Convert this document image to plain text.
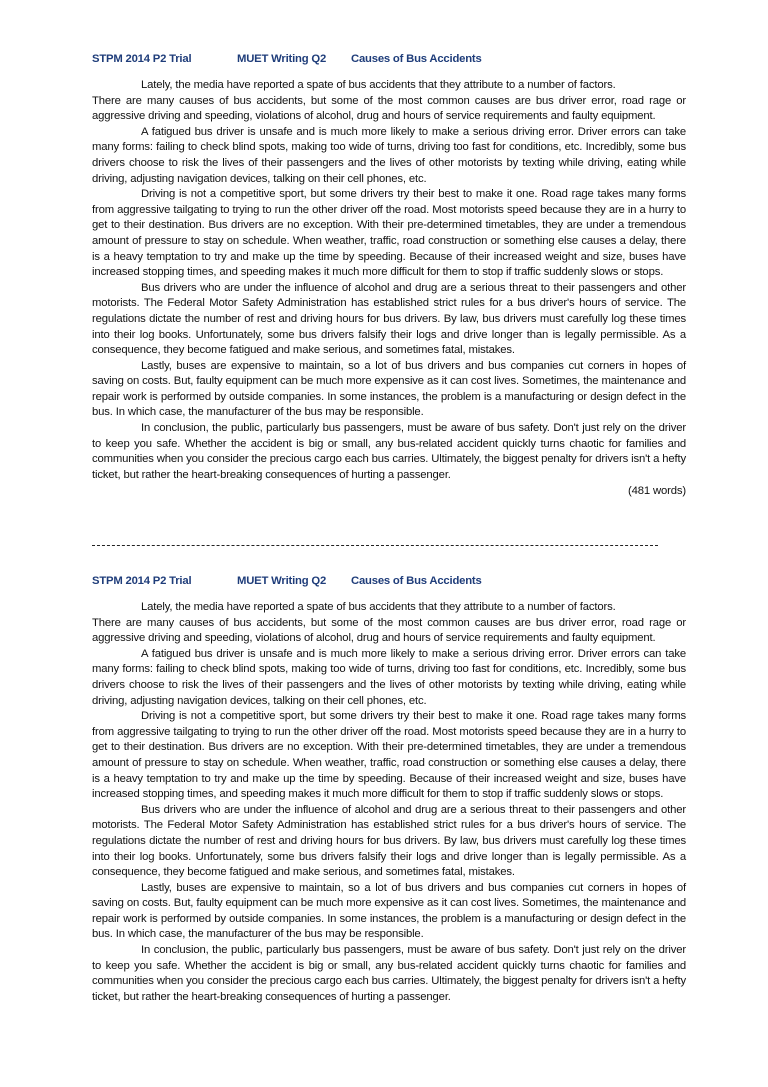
STPM 2014 P2 Trial	MUET Writing Q2 Causes of Bus Accidents

Lately, the media have reported a spate of bus accidents that they attribute to a number of factors.

There are many causes of bus accidents, but some of the most common causes are bus driver error, road rage or aggressive driving and speeding, violations of alcohol, drug and hours of service requirements and faulty equipment.

A fatigued bus driver is unsafe and is much more likely to make a serious driving error. Driver errors can take many forms: failing to check blind spots, making too wide of turns, driving too fast for conditions, etc. Incredibly, some bus drivers choose to risk the lives of their passengers and the lives of other motorists by texting while driving, eating while driving, adjusting navigation devices, talking on their cell phones, etc.

Driving is not a competitive sport, but some drivers try their best to make it one. Road rage takes many forms from aggressive tailgating to trying to run the other driver off the road. Most motorists speed because they are in a hurry to get to their destination. Bus drivers are no exception. With their pre-determined timetables, they are under a tremendous amount of pressure to stay on schedule. When weather, traffic, road construction or something else causes a delay, there is a heavy temptation to try and make up the time by speeding. Because of their increased weight and size, buses have increased stopping times, and speeding makes it much more difficult for them to stop if traffic suddenly slows or stops.

Bus drivers who are under the influence of alcohol and drug are a serious threat to their passengers and other motorists. The Federal Motor Safety Administration has established strict rules for a bus driver's hours of service. The regulations dictate the number of rest and driving hours for bus drivers. By law, bus drivers must carefully log these times into their log books. Unfortunately, some bus drivers falsify their logs and drive longer than is legally permissible. As a consequence, they become fatigued and make serious, and sometimes fatal, mistakes.

Lastly, buses are expensive to maintain, so a lot of bus drivers and bus companies cut corners in hopes of saving on costs. But, faulty equipment can be much more expensive as it can cost lives. Sometimes, the maintenance and repair work is performed by outside companies. In some instances, the problem is a manufacturing or design defect in the bus. In which case, the manufacturer of the bus may be responsible.

In conclusion, the public, particularly bus passengers, must be aware of bus safety. Don't just rely on the driver to keep you safe. Whether the accident is big or small, any bus-related accident quickly turns chaotic for families and communities when you consider the precious cargo each bus carries. Ultimately, the biggest penalty for drivers isn't a hefty ticket, but rather the heart-breaking consequences of hurting a passenger.

(481 words)
STPM 2014 P2 Trial	MUET Writing Q2 Causes of Bus Accidents

Lately, the media have reported a spate of bus accidents that they attribute to a number of factors.

There are many causes of bus accidents, but some of the most common causes are bus driver error, road rage or aggressive driving and speeding, violations of alcohol, drug and hours of service requirements and faulty equipment.

A fatigued bus driver is unsafe and is much more likely to make a serious driving error. Driver errors can take many forms: failing to check blind spots, making too wide of turns, driving too fast for conditions, etc. Incredibly, some bus drivers choose to risk the lives of their passengers and the lives of other motorists by texting while driving, eating while driving, adjusting navigation devices, talking on their cell phones, etc.

Driving is not a competitive sport, but some drivers try their best to make it one. Road rage takes many forms from aggressive tailgating to trying to run the other driver off the road. Most motorists speed because they are in a hurry to get to their destination. Bus drivers are no exception. With their pre-determined timetables, they are under a tremendous amount of pressure to stay on schedule. When weather, traffic, road construction or something else causes a delay, there is a heavy temptation to try and make up the time by speeding. Because of their increased weight and size, buses have increased stopping times, and speeding makes it much more difficult for them to stop if traffic suddenly slows or stops.

Bus drivers who are under the influence of alcohol and drug are a serious threat to their passengers and other motorists. The Federal Motor Safety Administration has established strict rules for a bus driver's hours of service. The regulations dictate the number of rest and driving hours for bus drivers. By law, bus drivers must carefully log these times into their log books. Unfortunately, some bus drivers falsify their logs and drive longer than is legally permissible. As a consequence, they become fatigued and make serious, and sometimes fatal, mistakes.

Lastly, buses are expensive to maintain, so a lot of bus drivers and bus companies cut corners in hopes of saving on costs. But, faulty equipment can be much more expensive as it can cost lives. Sometimes, the maintenance and repair work is performed by outside companies. In some instances, the problem is a manufacturing or design defect in the bus. In which case, the manufacturer of the bus may be responsible.

In conclusion, the public, particularly bus passengers, must be aware of bus safety. Don't just rely on the driver to keep you safe. Whether the accident is big or small, any bus-related accident quickly turns chaotic for families and communities when you consider the precious cargo each bus carries. Ultimately, the biggest penalty for drivers isn't a hefty ticket, but rather the heart-breaking consequences of hurting a passenger.
